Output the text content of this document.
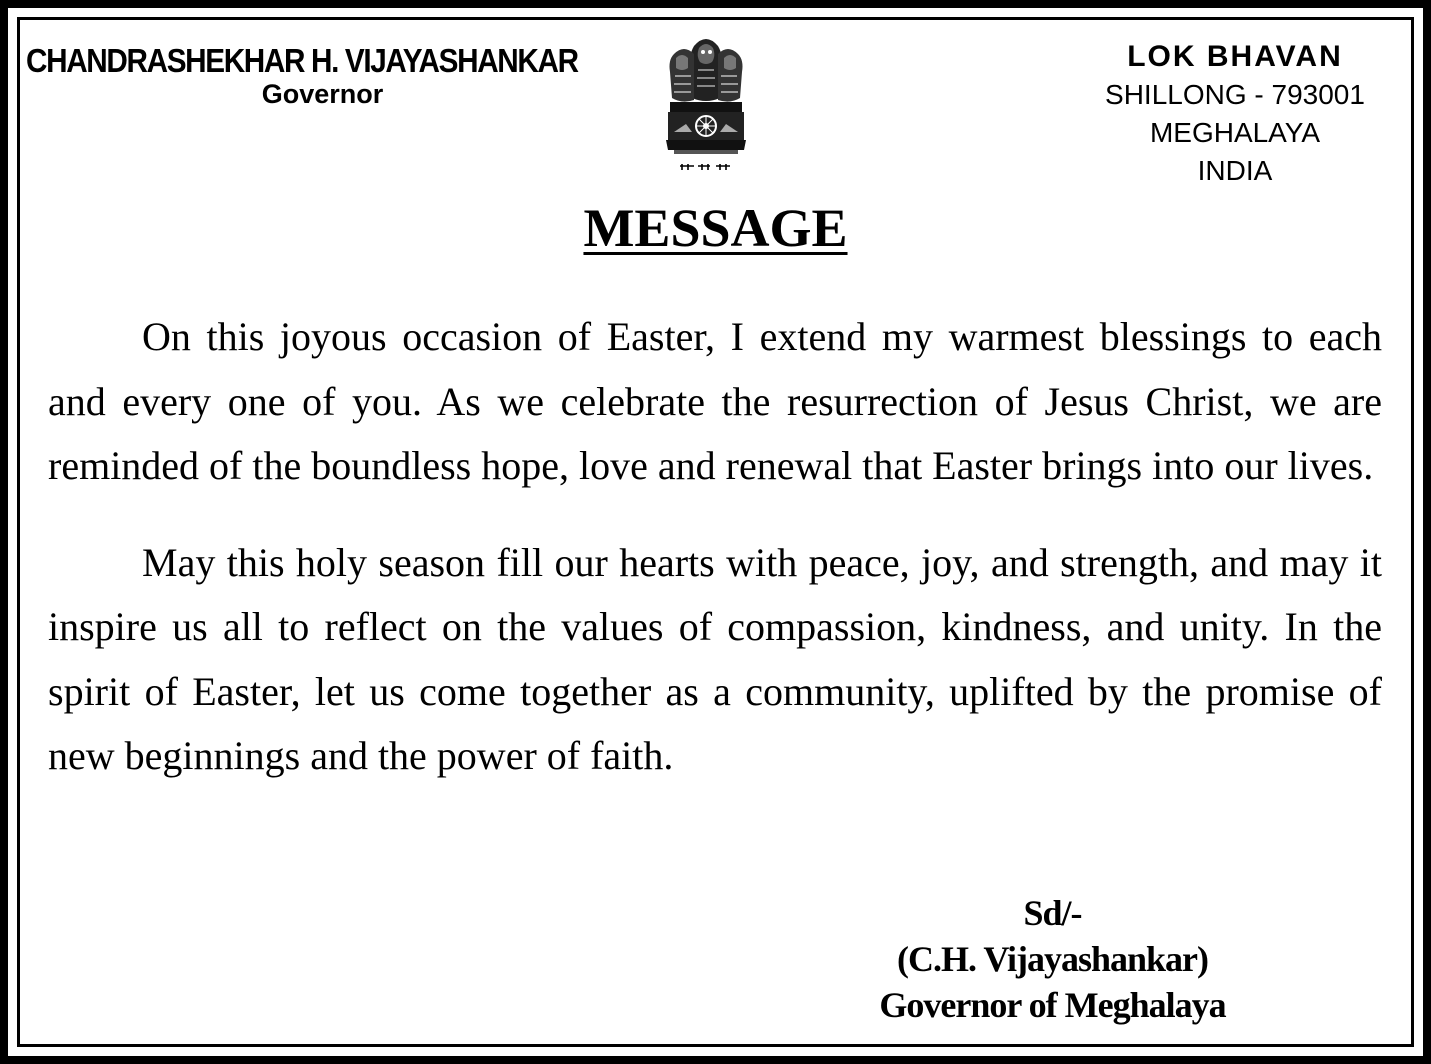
CHANDRASHEKHAR H. VIJAYASHANKAR
Governor
LOK BHAVAN
SHILLONG - 793001
MEGHALAYA
INDIA
MESSAGE

On this joyous occasion of Easter, I extend my warmest blessings to each and every one of you. As we celebrate the resurrection of Jesus Christ, we are reminded of the boundless hope, love and renewal that Easter brings into our lives.

May this holy season fill our hearts with peace, joy, and strength, and may it inspire us all to reflect on the values of compassion, kindness, and unity. In the spirit of Easter, let us come together as a community, uplifted by the promise of new beginnings and the power of faith.

Sd/-
(C.H. Vijayashankar)
Governor of Meghalaya
